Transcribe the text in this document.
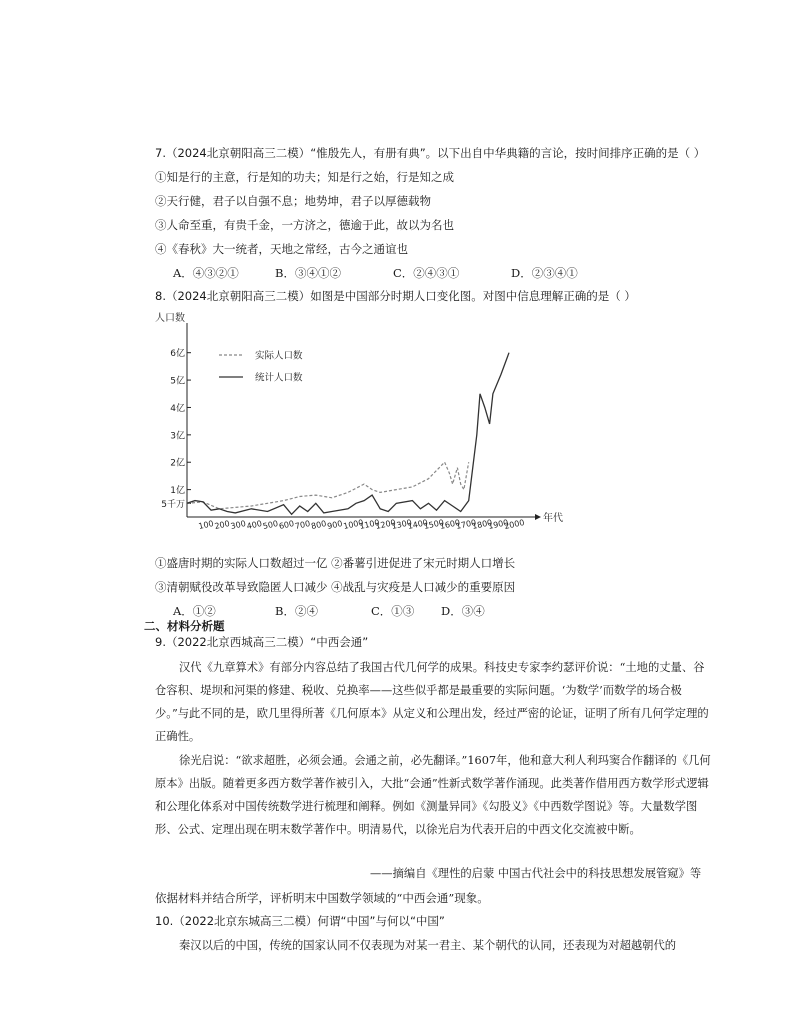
7.（2024北京朝阳高三二模）“惟殷先人，有册有典”。以下出自中华典籍的言论，按时间排序正确的是（ ）
①知是行的主意，行是知的功夫；知是行之始，行是知之成
②天行健，君子以自强不息；地势坤，君子以厚德载物
③人命至重，有贵千金，一方济之，德逾于此，故以为名也
④《春秋》大一统者，天地之常经，古今之通谊也
A．④③②①	B．③④①②	C．②④③①	D．②③④①
8.（2024北京朝阳高三二模）如图是中国部分时期人口变化图。对图中信息理解正确的是（ ）
人口数
年代
5千万
1亿
2亿
3亿
4亿
5亿
6亿
100 200 300 400 500 600 700 800 900 1000
1100
1200
1300
1400
1500
1600
1700
1800
1900
2000
实际人口数
统计人口数
①盛唐时期的实际人口数超过一亿 ②番薯引进促进了宋元时期人口增长
③清朝赋役改革导致隐匿人口减少 ④战乱与灾疫是人口减少的重要原因
A．①②	B．②④	C．①③ D．③④
二、材料分析题
9.（2022北京西城高三二模）“中西会通”
汉代《九章算术》有部分内容总结了我国古代几何学的成果。科技史专家李约瑟评价说：“土地的丈量、谷仓容积、堤坝和河渠的修建、税收、兑换率——这些似乎都是最重要的实际问题。‘为数学’而数学的场合极少。”与此不同的是，欧几里得所著《几何原本》从定义和公理出发，经过严密的论证，证明了所有几何学定理的正确性。
徐光启说：“欲求超胜，必须会通。会通之前，必先翻译。”1607年，他和意大利人利玛窦合作翻译的《几何原本》出版。随着更多西方数学著作被引入，大批“会通”性新式数学著作涌现。此类著作借用西方数学形式逻辑和公理化体系对中国传统数学进行梳理和阐释。例如《测量异同》《勾股义》《中西数学图说》等。大量数学图形、公式、定理出现在明末数学著作中。明清易代，以徐光启为代表开启的中西文化交流被中断。
——摘编自《理性的启蒙 中国古代社会中的科技思想发展管窥》等
依据材料并结合所学，评析明末中国数学领域的“中西会通”现象。
10.（2022北京东城高三二模）何谓“中国”与何以“中国”
秦汉以后的中国，传统的国家认同不仅表现为对某一君主、某个朝代的认同，还表现为对超越朝代的
